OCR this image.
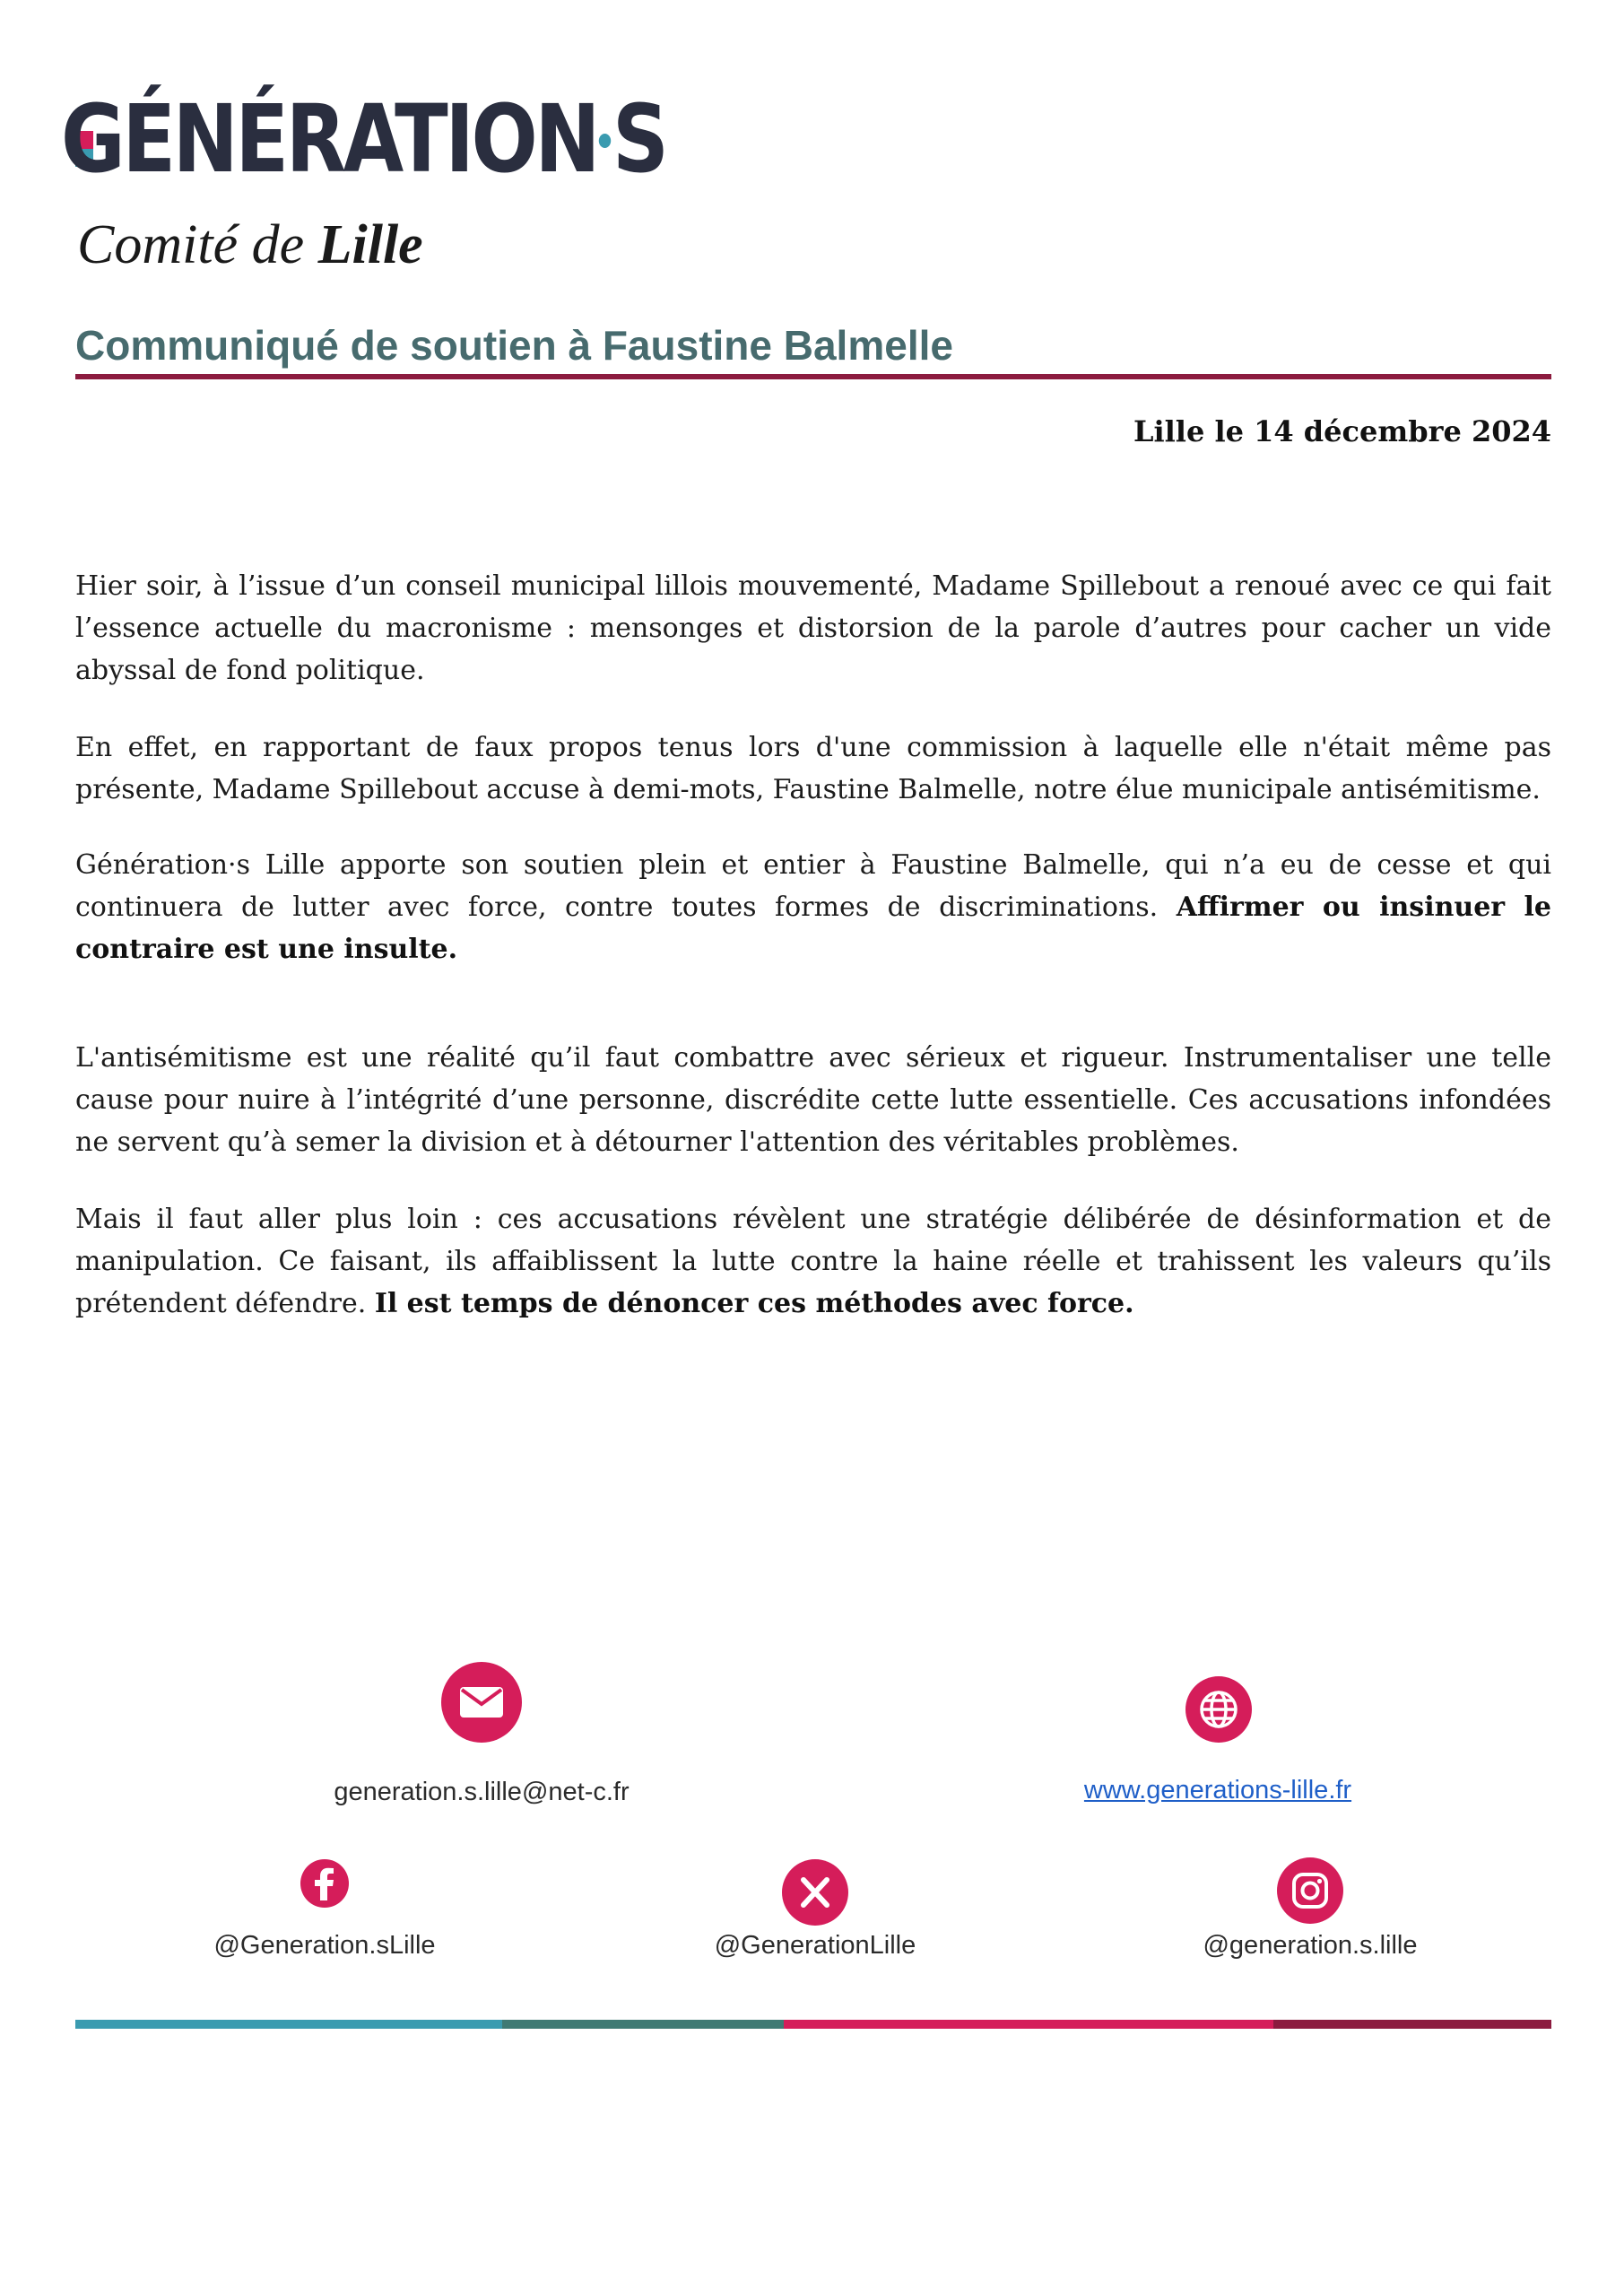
GÉNÉRATION S
Comité de Lille
Communiqué de soutien à Faustine Balmelle
Lille le 14 décembre 2024

Hier soir, à l’issue d’un conseil municipal lillois mouvementé, Madame Spillebout a renoué avec ce qui fait l’essence actuelle du macronisme : mensonges et distorsion de la parole d’autres pour cacher un vide abyssal de fond politique.

En effet, en rapportant de faux propos tenus lors d'une commission à laquelle elle n'était même pas présente, Madame Spillebout accuse à demi-mots, Faustine Balmelle, notre élue municipale antisémitisme.

Génération·s Lille apporte son soutien plein et entier à Faustine Balmelle, qui n’a eu de cesse et qui continuera de lutter avec force, contre toutes formes de discriminations. Affirmer ou insinuer le contraire est une insulte.

L'antisémitisme est une réalité qu’il faut combattre avec sérieux et rigueur. Instrumentaliser une telle cause pour nuire à l’intégrité d’une personne, discrédite cette lutte essentielle. Ces accusations infondées ne servent qu’à semer la division et à détourner l'attention des véritables problèmes.

Mais il faut aller plus loin : ces accusations révèlent une stratégie délibérée de désinformation et de manipulation. Ce faisant, ils affaiblissent la lutte contre la haine réelle et trahissent les valeurs qu’ils prétendent défendre. Il est temps de dénoncer ces méthodes avec force.

generation.s.lille@net-c.fr	www.generations-lille.fr
@Generation.sLille	@GenerationLille	@generation.s.lille
